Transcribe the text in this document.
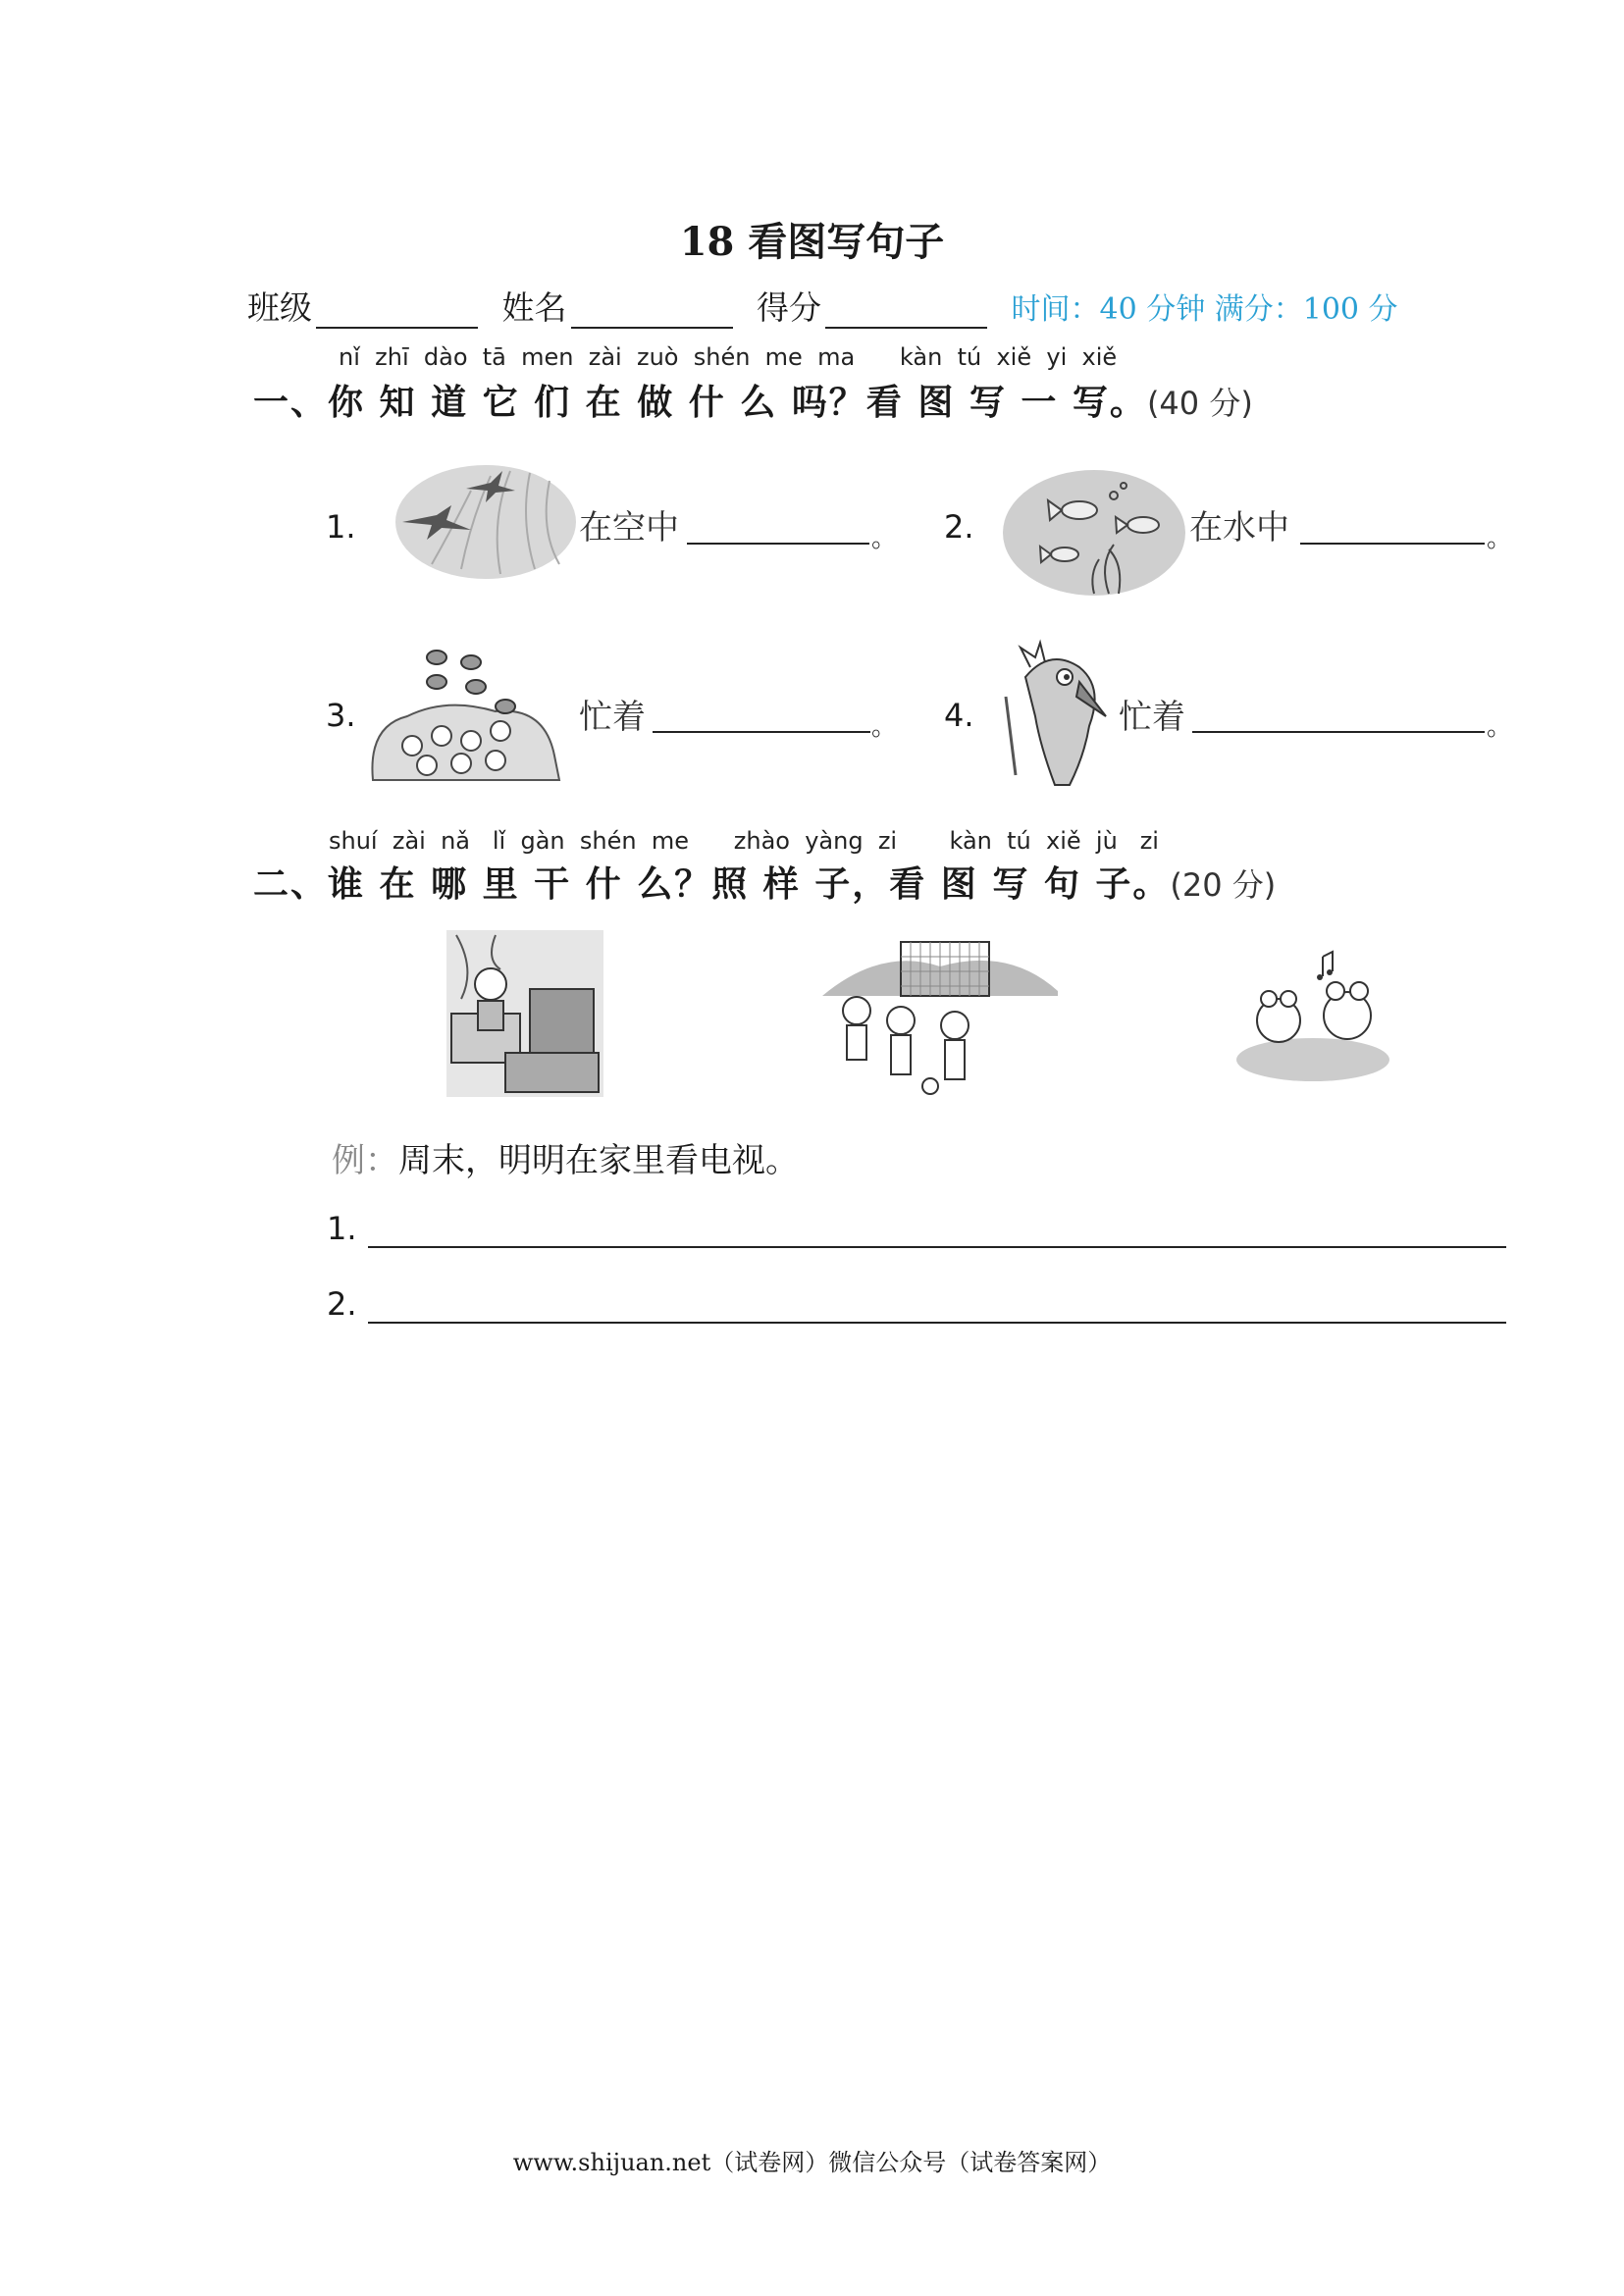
18 看图写句子
班级	姓名	得分	时间：40 分钟 满分：100 分
nǐ  zhī  dào  tā  men  zài  zuò  shén  me  ma      kàn  tú  xiě  yi  xiě
一、你 知 道 它 们 在 做 什 么 吗？看 图 写 一 写。(40 分)
1.	在空中	。 2.	在水中	。
3.	忙着	。 4.	忙着	。
shuí  zài  nǎ   lǐ  gàn  shén  me      zhào  yàng  zi       kàn  tú  xiě  jù   zi
二、谁 在 哪 里 干 什 么？照 样 子，看 图 写 句 子。(20 分)
例：周末，明明在家里看电视。
1.
2.
www.shijuan.net（试卷网）微信公众号（试卷答案网）
